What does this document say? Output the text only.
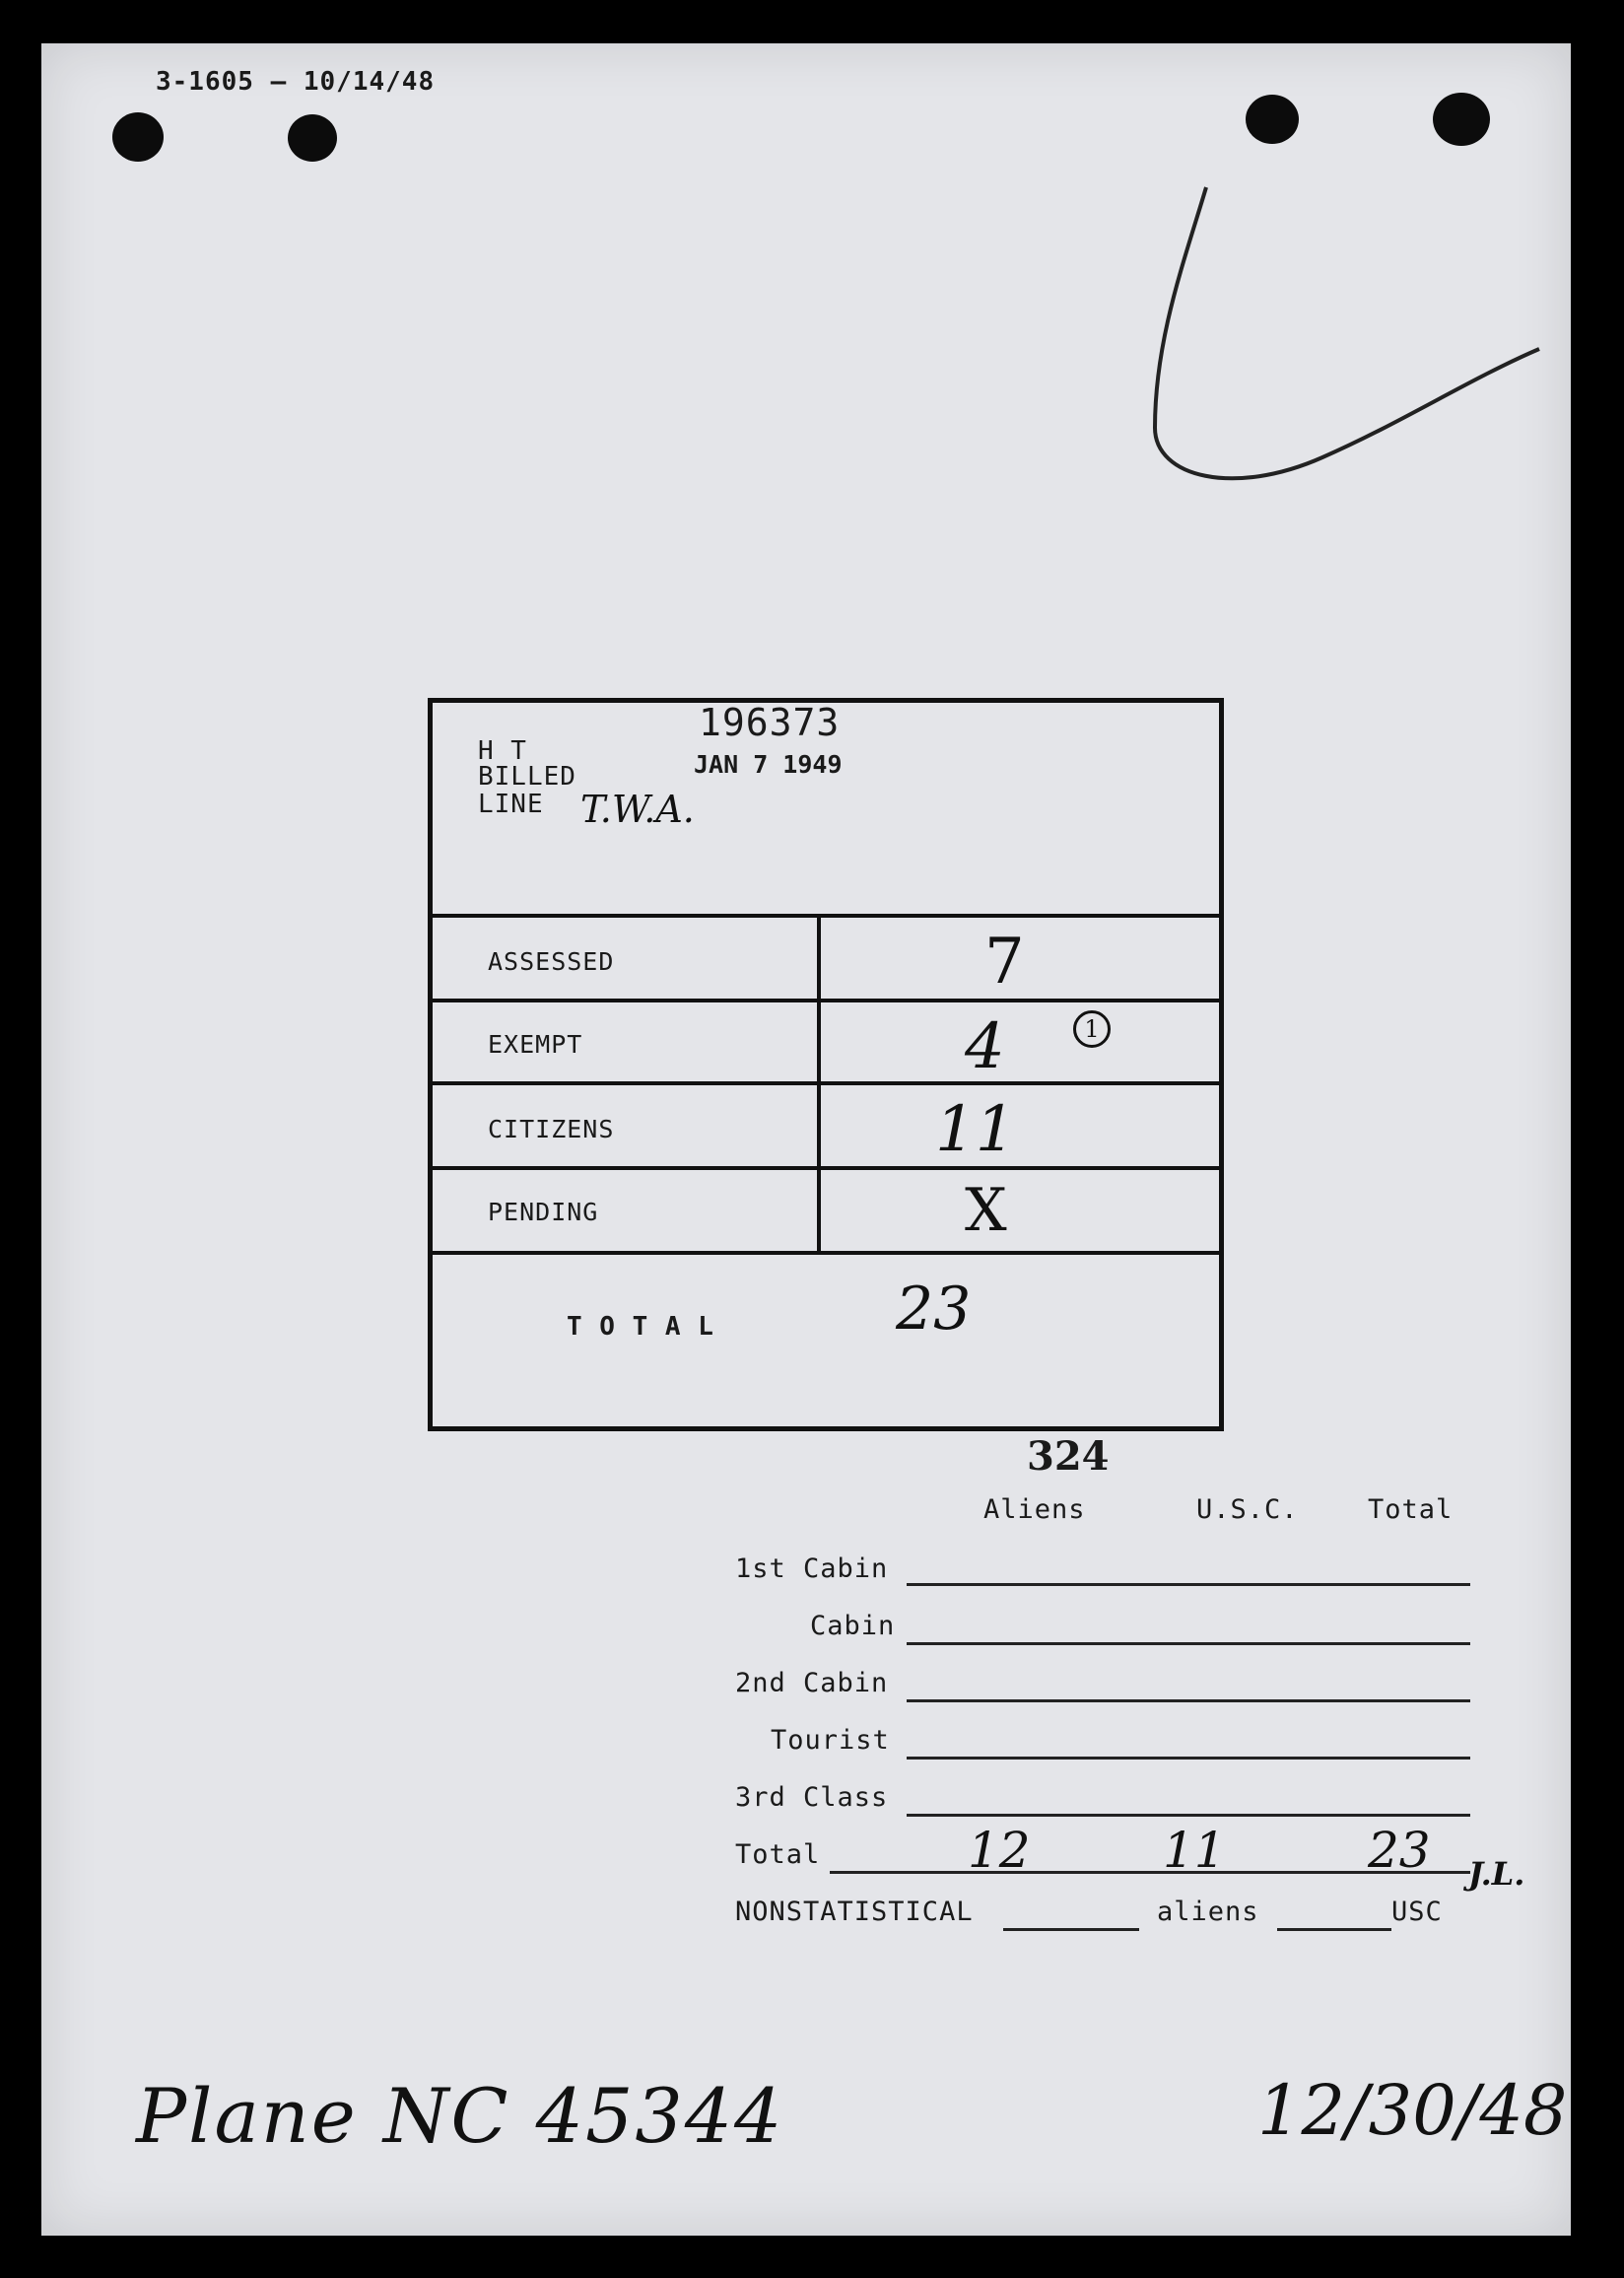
3-1605 — 10/14/48
196373
H T
BILLED	JAN 7 1949
LINE T.W.A.
ASSESSED	7
EXEMPT	4	1
CITIZENS	11
PENDING	X
T O T A L	23
324
Aliens	U.S.C.	Total
1st Cabin
Cabin
2nd Cabin
Tourist
3rd Class
Total	12	11	23 J.L.
NONSTATISTICAL	aliens	USC
Plane NC 45344	12/30/48
